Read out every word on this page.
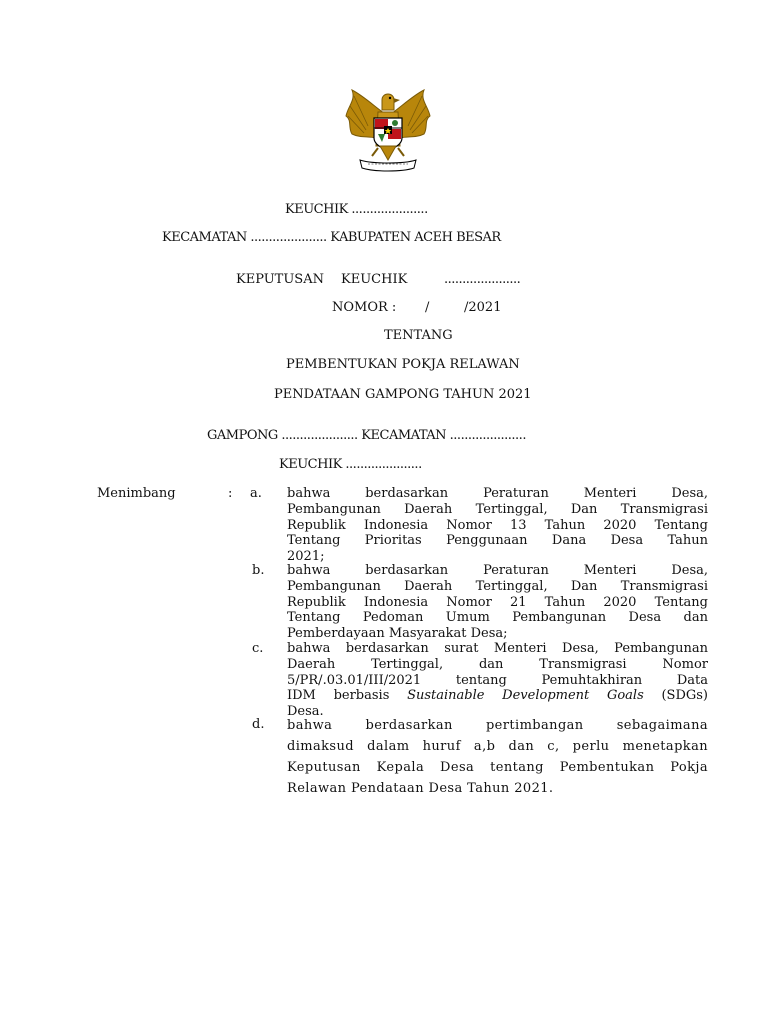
KEUCHIK .....................
KECAMATAN ..................... KABUPATEN ACEH BESAR
KEPUTUSAN KEUCHIK	.....................
NOMOR : /	/2021
TENTANG
PEMBENTUKAN POKJA RELAWAN
PENDATAAN GAMPONG TAHUN 2021
GAMPONG ..................... KECAMATAN .....................
KEUCHIK .....................
Menimbang	: a.	bahwa berdasarkan Peraturan Menteri Desa,
Pembangunan Daerah Tertinggal, Dan Transmigrasi
Republik Indonesia Nomor 13 Tahun 2020 Tentang
Tentang Prioritas Penggunaan Dana Desa Tahun
2021;
b.	bahwa berdasarkan Peraturan Menteri Desa,
Pembangunan Daerah Tertinggal, Dan Transmigrasi
Republik Indonesia Nomor 21 Tahun 2020 Tentang
Tentang Pedoman Umum Pembangunan Desa dan
Pemberdayaan Masyarakat Desa;
c.	bahwa berdasarkan surat Menteri Desa, Pembangunan
Daerah Tertinggal, dan Transmigrasi Nomor
5/PR/.03.01/III/2021 tentang Pemuhtakhiran Data
IDM berbasis Sustainable Development Goals (SDGs)
Desa.
d.	bahwa berdasarkan pertimbangan sebagaimana
dimaksud dalam huruf a,b dan c, perlu menetapkan
Keputusan Kepala Desa tentang Pembentukan Pokja
Relawan Pendataan Desa Tahun 2021.
